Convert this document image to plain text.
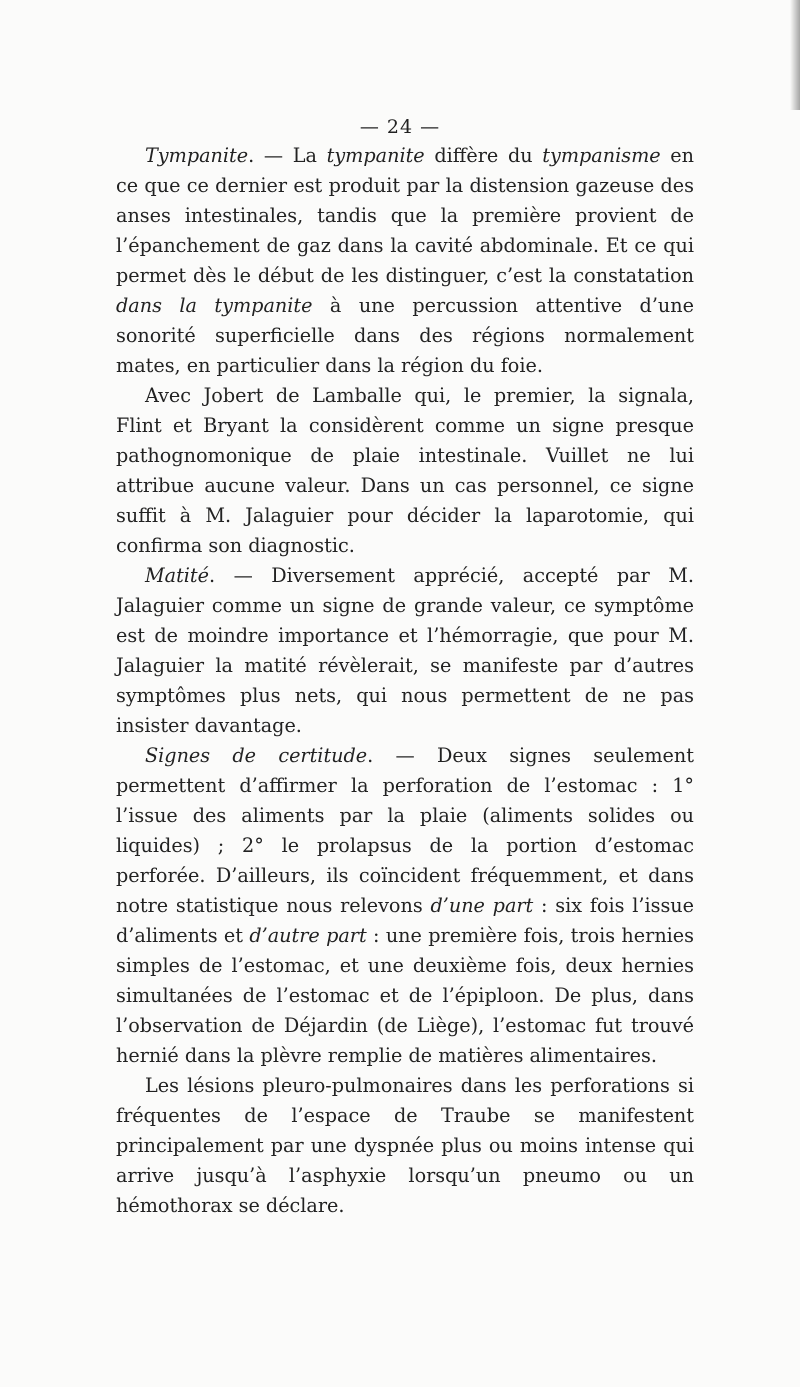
— 24 —

Tympanite. — La tympanite diffère du tympanisme en ce que ce dernier est produit par la distension gazeuse des anses intestinales, tandis que la première provient de l’épanchement de gaz dans la cavité abdominale. Et ce qui permet dès le début de les distinguer, c’est la constatation dans la tympanite à une percussion attentive d’une sonorité superficielle dans des régions normalement mates, en particulier dans la région du foie.

Avec Jobert de Lamballe qui, le premier, la signala, Flint et Bryant la considèrent comme un signe presque pathognomonique de plaie intestinale. Vuillet ne lui attribue aucune valeur. Dans un cas personnel, ce signe suffit à M. Jalaguier pour décider la laparotomie, qui confirma son diagnostic.

Matité. — Diversement apprécié, accepté par M. Jalaguier comme un signe de grande valeur, ce symptôme est de moindre importance et l’hémorragie, que pour M. Jalaguier la matité révèlerait, se manifeste par d’autres symptômes plus nets, qui nous permettent de ne pas insister davantage.

Signes de certitude. — Deux signes seulement permettent d’affirmer la perforation de l’estomac : 1° l’issue des aliments par la plaie (aliments solides ou liquides) ; 2° le prolapsus de la portion d’estomac perforée. D’ailleurs, ils coïncident fréquemment, et dans notre statistique nous relevons d’une part : six fois l’issue d’aliments et d’autre part : une première fois, trois hernies simples de l’estomac, et une deuxième fois, deux hernies simultanées de l’estomac et de l’épiploon. De plus, dans l’observation de Déjardin (de Liège), l’estomac fut trouvé hernié dans la plèvre remplie de matières alimentaires.

Les lésions pleuro-pulmonaires dans les perforations si fréquentes de l’espace de Traube se manifestent principalement par une dyspnée plus ou moins intense qui arrive jusqu’à l’asphyxie lorsqu’un pneumo ou un hémothorax se déclare.
